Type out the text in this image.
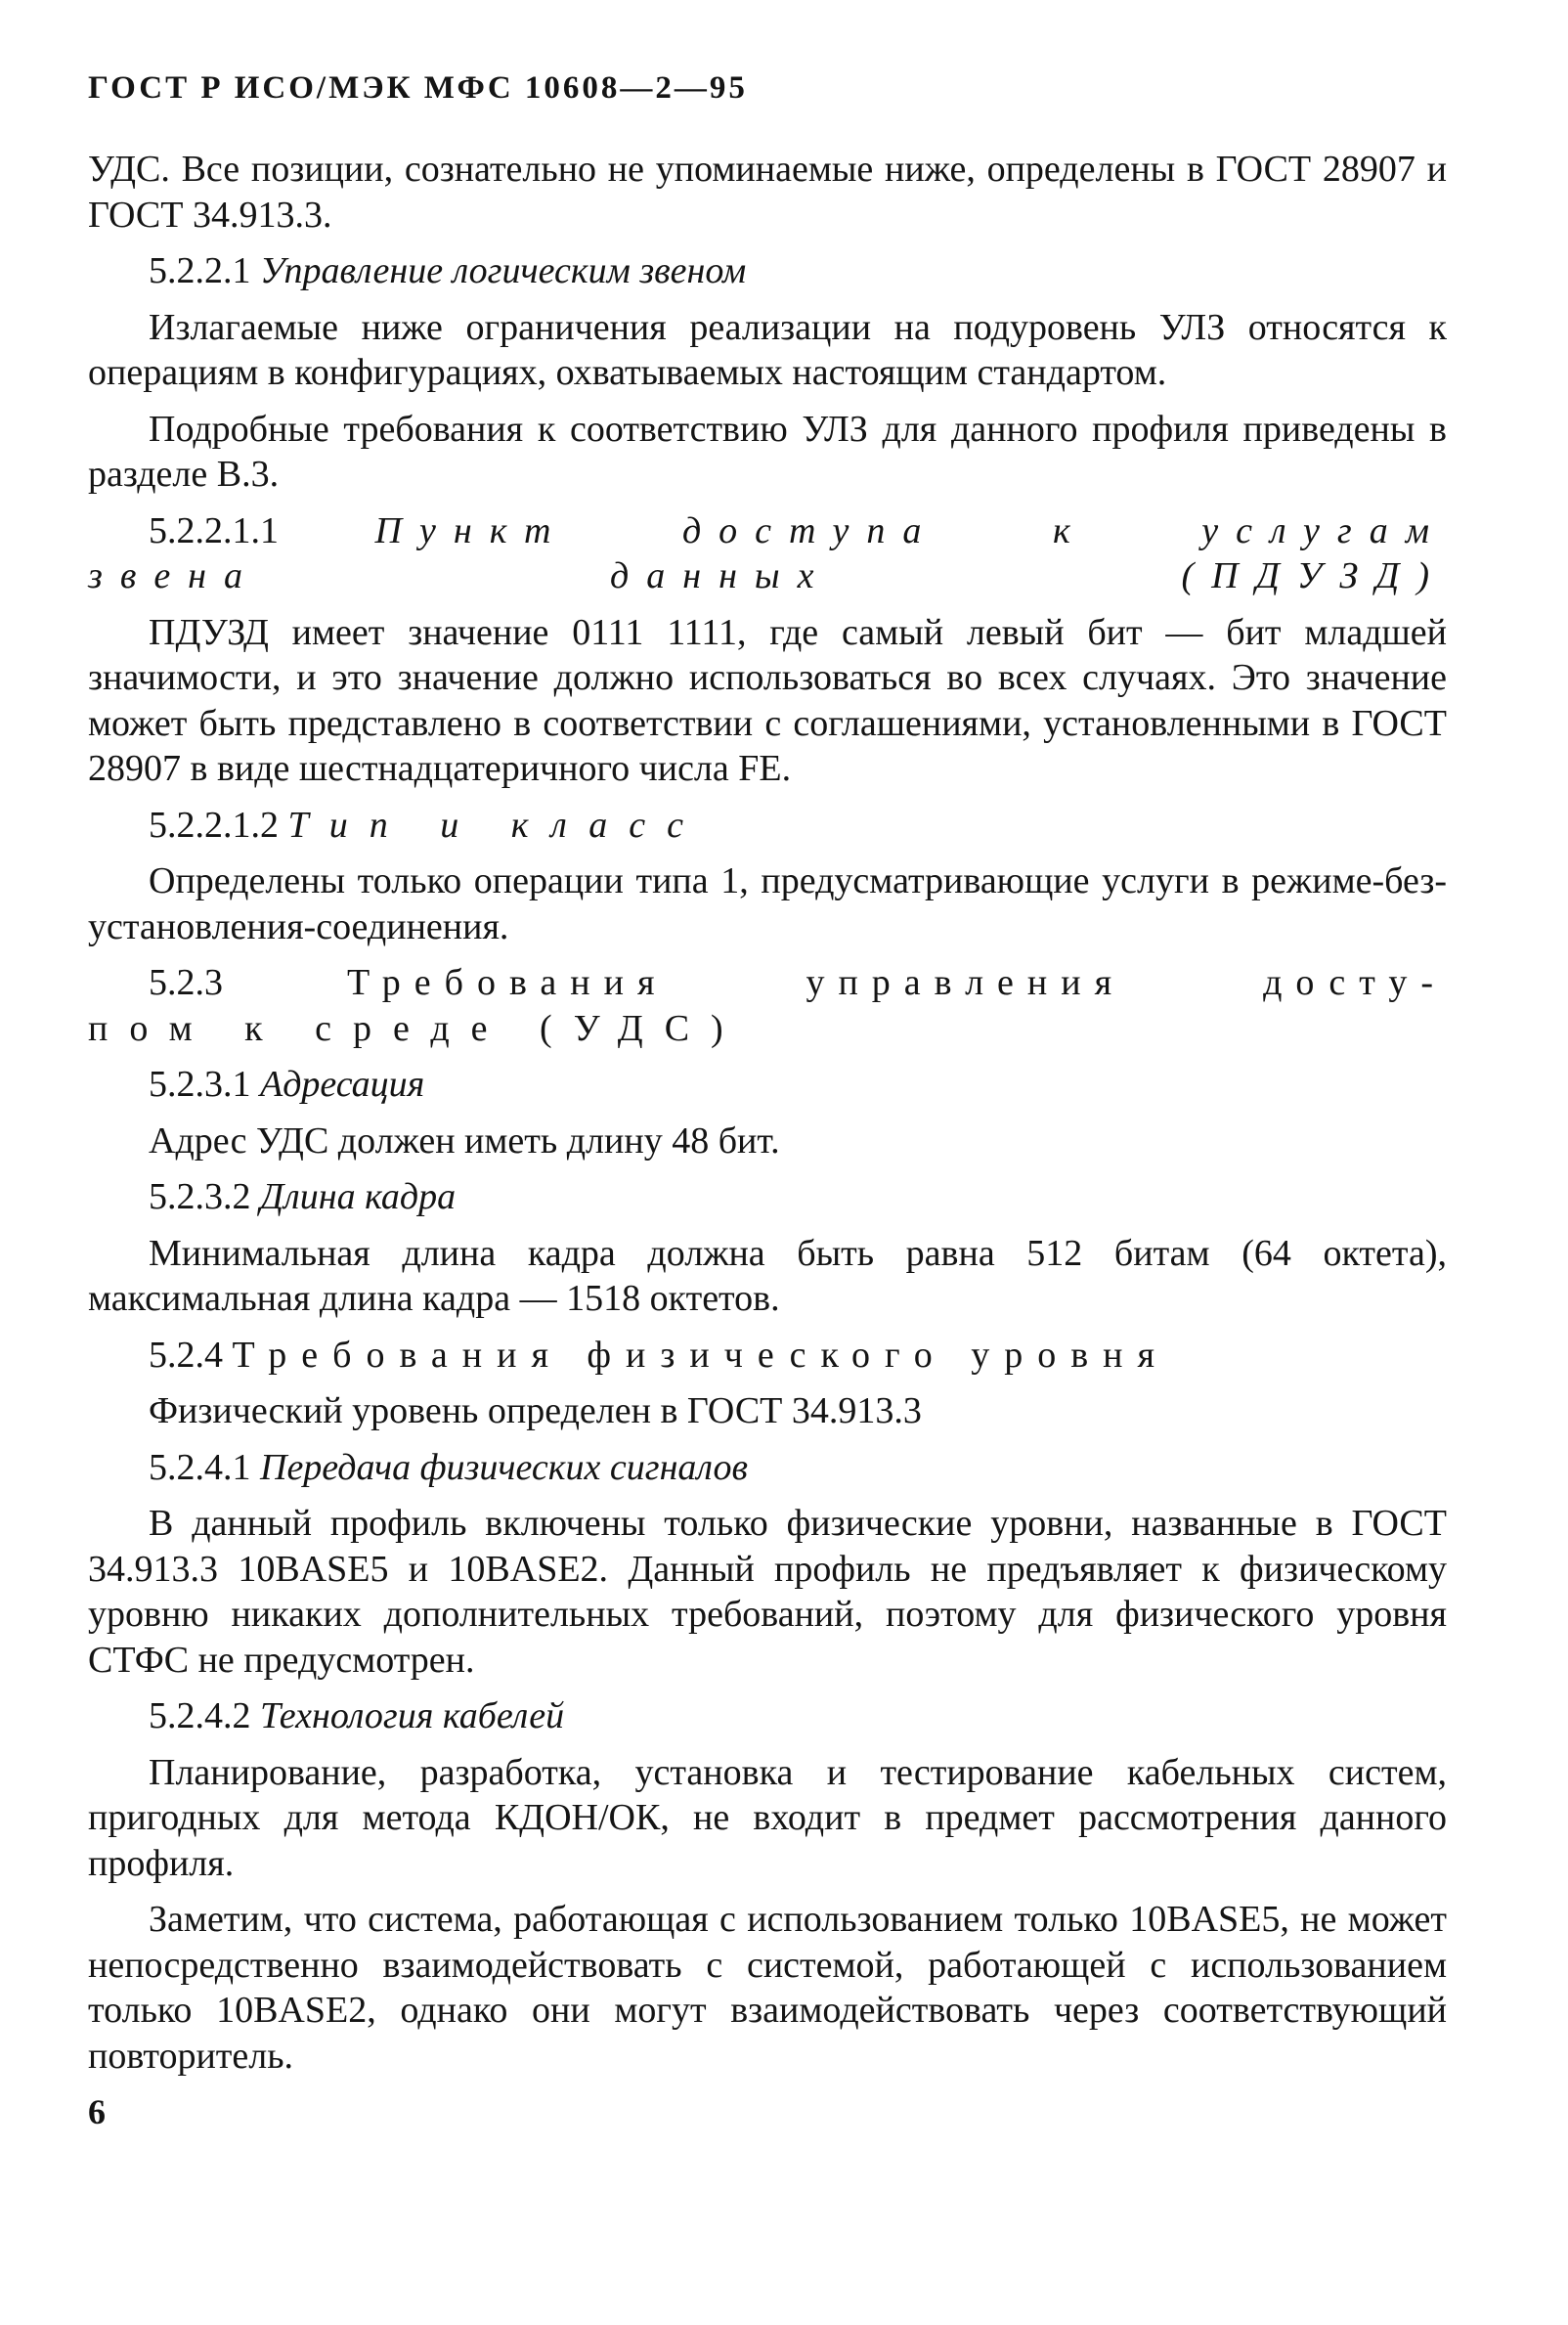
ГОСТ Р ИСО/МЭК МФС 10608—2—95

УДС. Все позиции, сознательно не упоминаемые ниже, определены в ГОСТ 28907 и ГОСТ 34.913.3.

5.2.2.1 Управление логическим звеном

Излагаемые ниже ограничения реализации на подуровень УЛЗ относятся к операциям в конфигурациях, охватываемых настоящим стандартом.

Подробные требования к соответствию УЛЗ для данного профиля приведены в разделе B.3.

5.2.2.1.1	Пункт доступа к услугам
звена данных (ПДУЗД)

ПДУЗД имеет значение 0111 1111, где самый левый бит — бит младшей значимости, и это значение должно использоваться во всех случаях. Это значение может быть представлено в соответствии с соглашениями, установленными в ГОСТ 28907 в виде шестнадцатеричного числа FE.

5.2.2.1.2 Тип и класс

Определены только операции типа 1, предусматривающие услуги в режиме-без-установления-соединения.

5.2.3	Требования управления досту-
пом к среде (УДС)
5.2.3.1 Адресация

Адрес УДС должен иметь длину 48 бит.

5.2.3.2 Длина кадра

Минимальная длина кадра должна быть равна 512 битам (64 октета), максимальная длина кадра — 1518 октетов.

5.2.4 Требования физического уровня

Физический уровень определен в ГОСТ 34.913.3

5.2.4.1 Передача физических сигналов

В данный профиль включены только физические уровни, названные в ГОСТ 34.913.3 10BASE5 и 10BASE2. Данный профиль не предъявляет к физическому уровню никаких дополнительных требований, поэтому для физического уровня СТФС не предусмотрен.

5.2.4.2 Технология кабелей

Планирование, разработка, установка и тестирование кабельных систем, пригодных для метода КДОН/ОК, не входит в предмет рассмотрения данного профиля.

Заметим, что система, работающая с использованием только 10BASE5, не может непосредственно взаимодействовать с системой, работающей с использованием только 10BASE2, однако они могут взаимодействовать через соответствующий повторитель.

6
